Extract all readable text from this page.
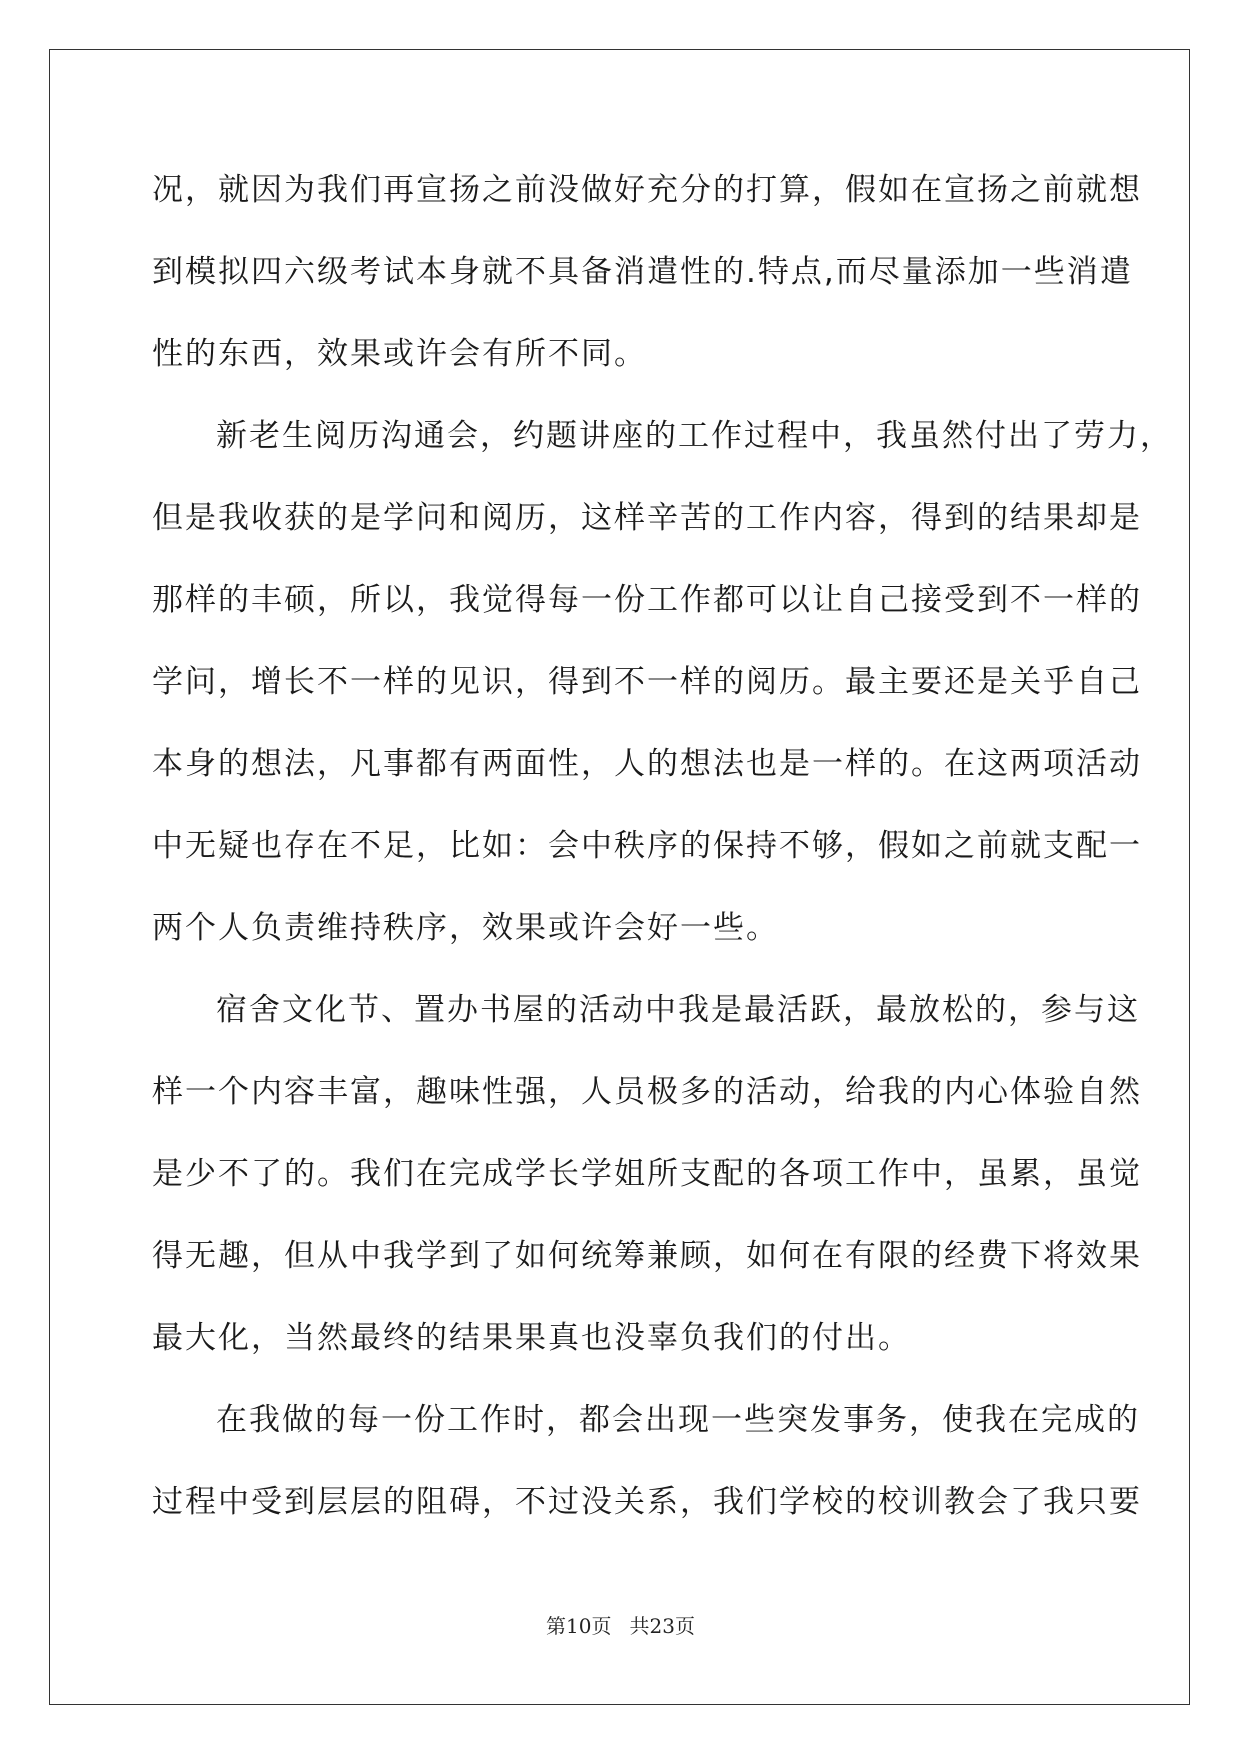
况，就因为我们再宣扬之前没做好充分的打算，假如在宣扬之前就想
到模拟四六级考试本身就不具备消遣性的.特点,而尽量添加一些消遣
性的东西，效果或许会有所不同。
新老生阅历沟通会，约题讲座的工作过程中，我虽然付出了劳力，
但是我收获的是学问和阅历，这样辛苦的工作内容，得到的结果却是
那样的丰硕，所以，我觉得每一份工作都可以让自己接受到不一样的
学问，增长不一样的见识，得到不一样的阅历。最主要还是关乎自己
本身的想法，凡事都有两面性，人的想法也是一样的。在这两项活动
中无疑也存在不足，比如：会中秩序的保持不够，假如之前就支配一
两个人负责维持秩序，效果或许会好一些。
宿舍文化节、置办书屋的活动中我是最活跃，最放松的，参与这
样一个内容丰富，趣味性强，人员极多的活动，给我的内心体验自然
是少不了的。我们在完成学长学姐所支配的各项工作中，虽累，虽觉
得无趣，但从中我学到了如何统筹兼顾，如何在有限的经费下将效果
最大化，当然最终的结果果真也没辜负我们的付出。
在我做的每一份工作时，都会出现一些突发事务，使我在完成的
过程中受到层层的阻碍，不过没关系，我们学校的校训教会了我只要
第10页 共23页
